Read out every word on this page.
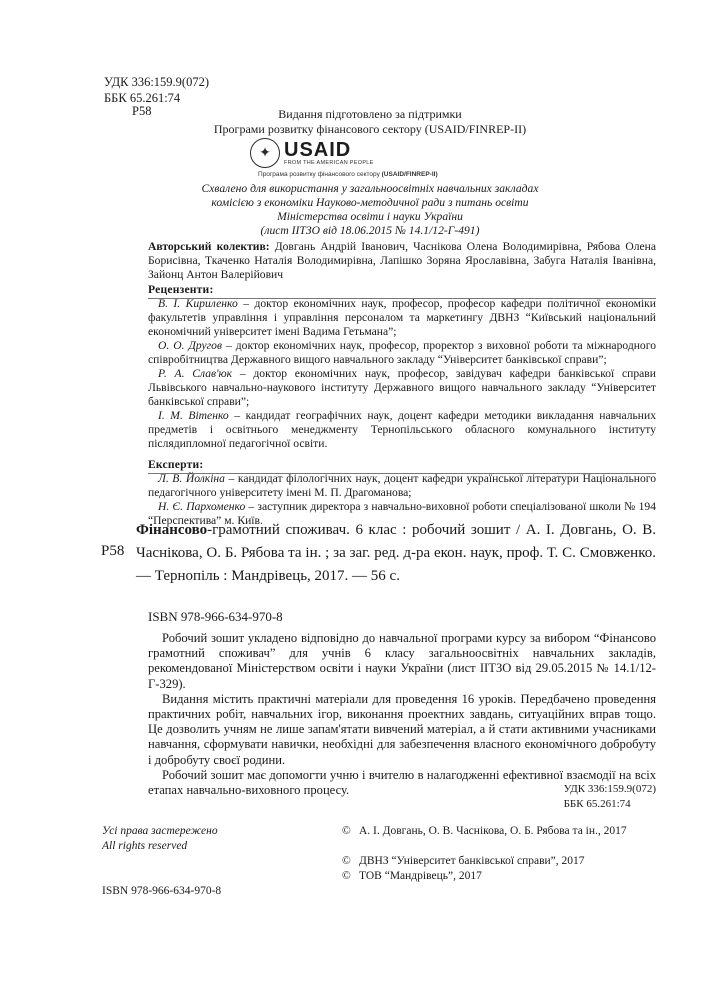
УДК 336:159.9(072)
ББК 65.261:74
Р58	Видання підготовлено за підтримки
Програми розвитку фінансового сектору (USAID/FINREP-II)
✦ USAID
FROM THE AMERICAN PEOPLE
Програма розвитку фінансового сектору (USAID/FINREP-II)
Схвалено для використання у загальноосвітніх навчальних закладах
комісією з економіки Науково-методичної ради з питань освіти
Міністерства освіти і науки України
(лист ІІТЗО від 18.06.2015 № 14.1/12-Г-491)

Авторський колектив: Довгань Андрій Іванович, Часнікова Олена Володимирівна, Рябова Олена Борисівна, Ткаченко Наталія Володимирівна, Лапішко Зоряна Ярославівна, Забуга Наталія Іванівна, Зайонц Антон Валерійович

Рецензенти:

В. І. Кириленко – доктор економічних наук, професор, професор кафедри політичної економіки факультетів управління і управління персоналом та маркетингу ДВНЗ “Київський національний економічний університет імені Вадима Гетьмана”;

О. О. Другов – доктор економічних наук, професор, проректор з виховної роботи та міжнародного співробітництва Державного вищого навчального закладу “Університет банківської справи”;

Р. А. Слав'юк – доктор економічних наук, професор, завідувач кафедри банківської справи Львівського навчально-наукового інституту Державного вищого навчального закладу “Університет банківської справи”;

І. М. Вітенко – кандидат географічних наук, доцент кафедри методики викладання навчальних предметів і освітнього менеджменту Тернопільського обласного комунального інституту післядипломної педагогічної освіти.

Експерти:

Л. В. Йолкіна – кандидат філологічних наук, доцент кафедри української літератури Національного педагогічного університету імені М. П. Драгоманова;

Н. Є. Пархоменко – заступник директора з навчально-виховної роботи спеціалізованої школи № 194 “Перспектива” м. Київ.

Р58

Фінансово-грамотний споживач. 6 клас : робочий зошит / А. І. Довгань, О. В. Часнікова, О. Б. Рябова та ін. ; за заг. ред. д-ра екон. наук, проф. Т. С. Смовженко. — Тернопіль : Мандрівець, 2017. — 56 с.

ISBN 978-966-634-970-8

Робочий зошит укладено відповідно до навчальної програми курсу за вибором “Фінансово грамотний споживач” для учнів 6 класу загальноосвітніх навчальних закладів, рекомендованої Міністерством освіти і науки України (лист ІІТЗО від 29.05.2015 № 14.1/12-Г-329).

Видання містить практичні матеріали для проведення 16 уроків. Передбачено проведення практичних робіт, навчальних ігор, виконання проектних завдань, ситуаційних вправ тощо. Це дозволить учням не лише запам'ятати вивчений матеріал, а й стати активними учасниками навчання, сформувати навички, необхідні для забезпечення власного економічного добробуту і добробуту своєї родини.

Робочий зошит має допомогти учню і вчителю в налагодженні ефективної взаємодії на всіх етапах навчально-виховного процесу.	УДК 336:159.9(072)
ББК 65.261:74
Усі права застережено
All rights reserved
ISBN 978-966-634-970-8
© А. І. Довгань, О. В. Часнікова, О. Б. Рябова та ін., 2017
© ДВНЗ “Університет банківської справи”, 2017
© ТОВ “Мандрівець”, 2017
